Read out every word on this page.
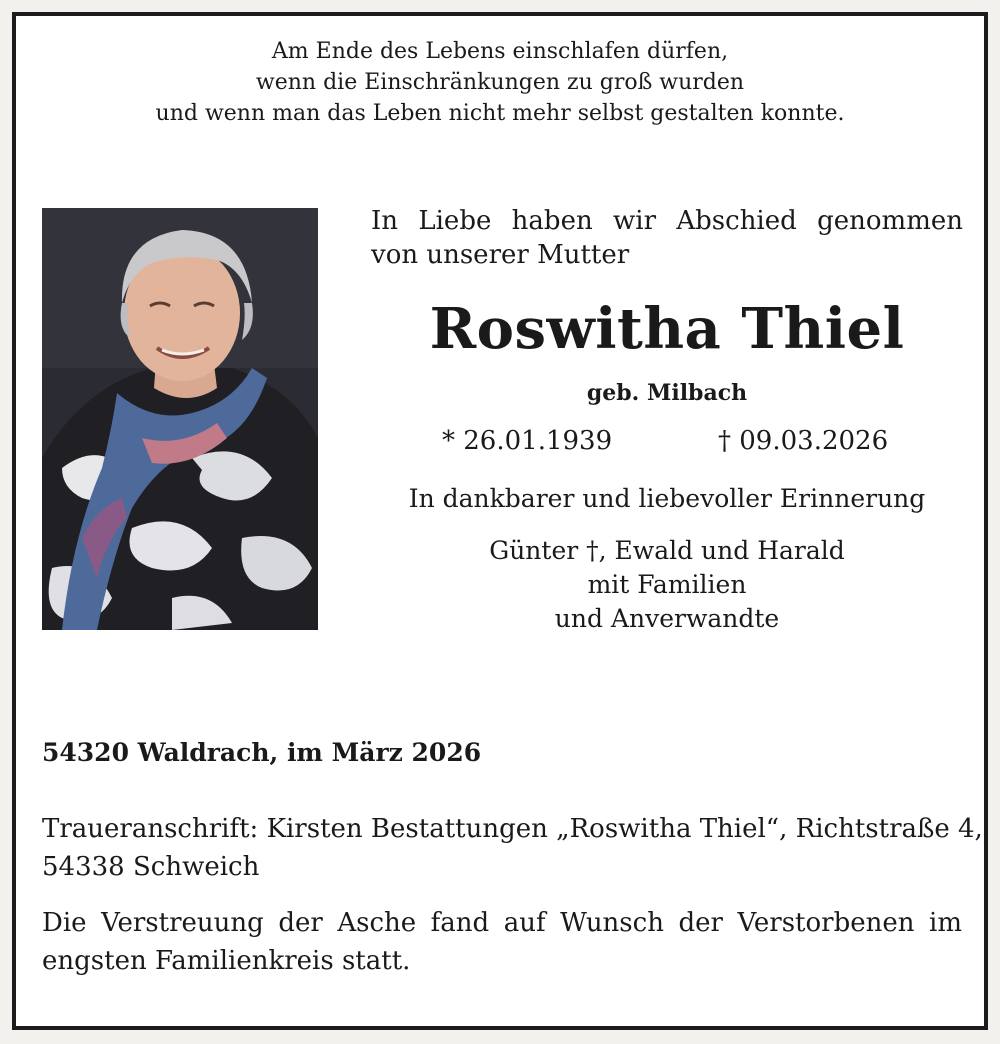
Am Ende des Lebens einschlafen dürfen,
wenn die Einschränkungen zu groß wurden
und wenn man das Leben nicht mehr selbst gestalten konnte.
In Liebe haben wir Abschied genommen
von unserer Mutter
Roswitha Thiel
geb. Milbach
* 26.01.1939	† 09.03.2026
In dankbarer und liebevoller Erinnerung
Günter †, Ewald und Harald
mit Familien
und Anverwandte
54320 Waldrach, im März 2026
Traueranschrift: Kirsten Bestattungen „Roswitha Thiel“, Richtstraße 4,
54338 Schweich
Die Verstreuung der Asche fand auf Wunsch der Verstorbenen im
engsten Familienkreis statt.
